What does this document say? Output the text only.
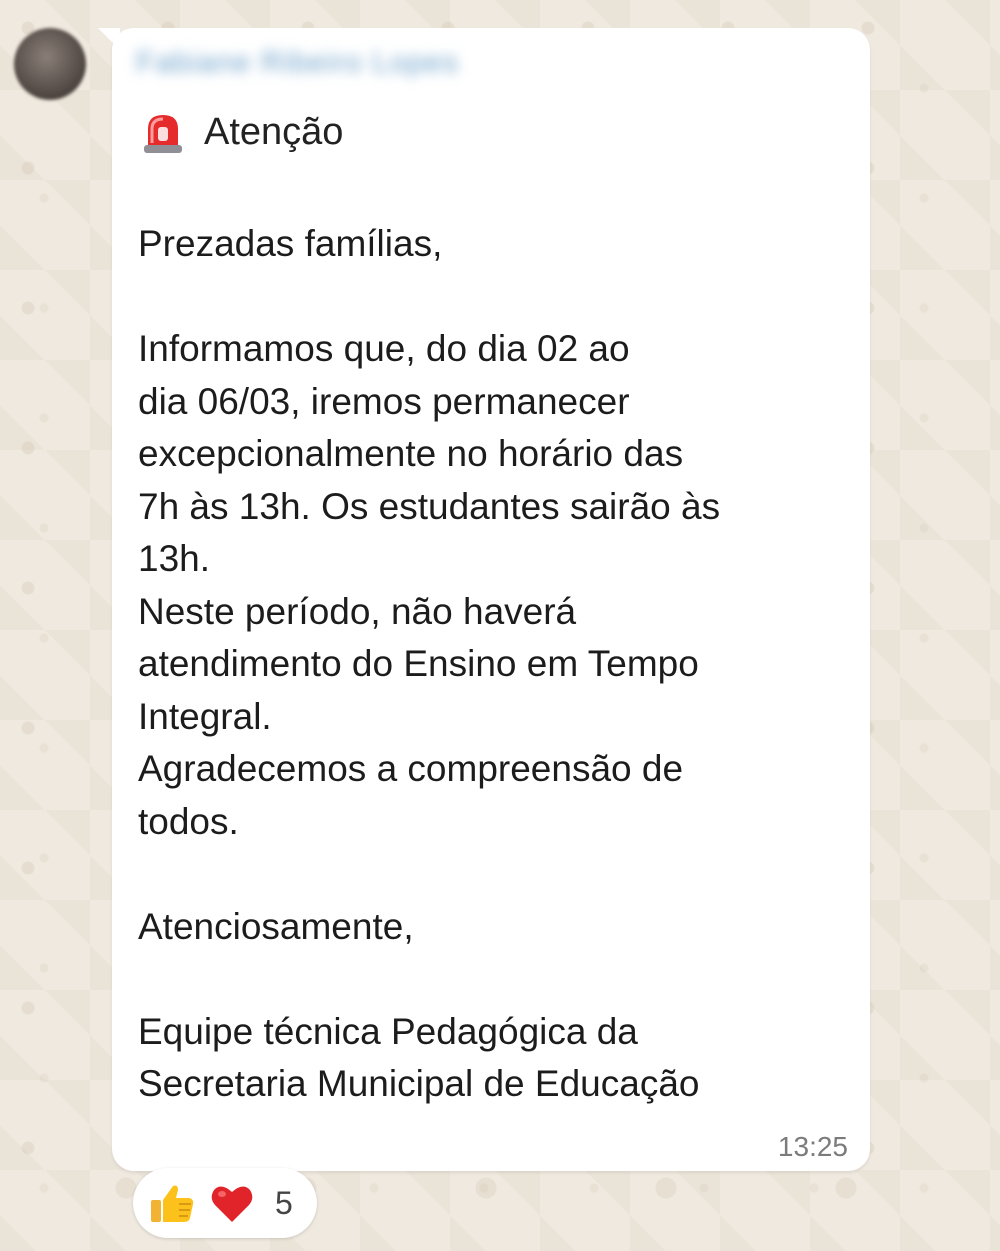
Fabiane Ribeiro Lopes
Atenção
Prezadas famílias,

Informamos que, do dia 02 ao
dia 06/03, iremos permanecer
excepcionalmente no horário das
7h às 13h. Os estudantes sairão às
13h.
Neste período, não haverá
atendimento do Ensino em Tempo
Integral.
Agradecemos a compreensão de
todos.

Atenciosamente,

Equipe técnica Pedagógica da
Secretaria Municipal de Educação
13:25
5
